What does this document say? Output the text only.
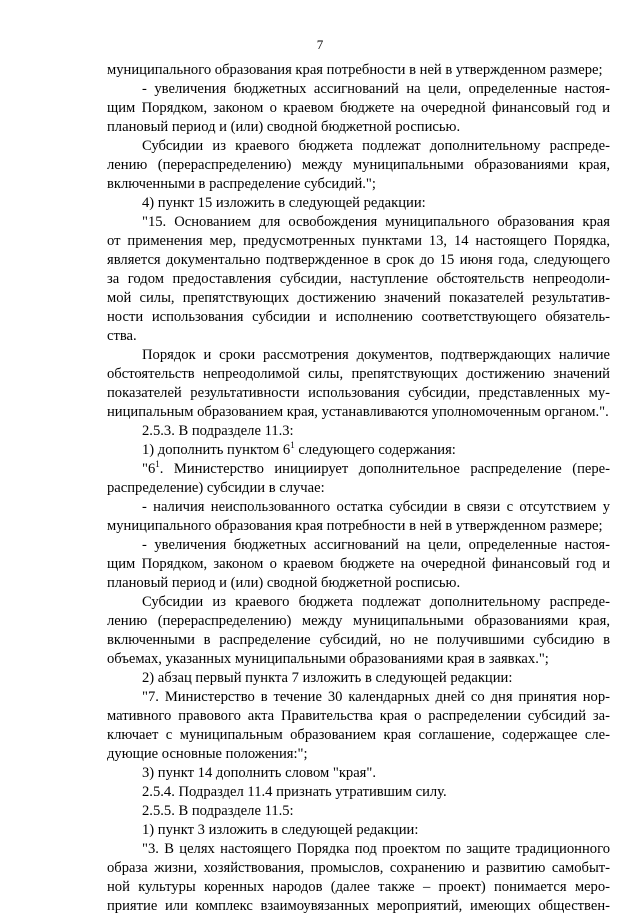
7
муниципального образования края потребности в ней в утвержденном размере;
- увеличения бюджетных ассигнований на цели, определенные настоя-
щим Порядком, законом о краевом бюджете на очередной финансовый год и
плановый период и (или) сводной бюджетной росписью.
Субсидии из краевого бюджета подлежат дополнительному распреде-
лению (перераспределению) между муниципальными образованиями края,
включенными в распределение субсидий.";
4) пункт 15 изложить в следующей редакции:
"15. Основанием для освобождения муниципального образования края
от применения мер, предусмотренных пунктами 13, 14 настоящего Порядка,
является документально подтвержденное в срок до 15 июня года, следующего
за годом предоставления субсидии, наступление обстоятельств непреодоли-
мой силы, препятствующих достижению значений показателей результатив-
ности использования субсидии и исполнению соответствующего обязатель-
ства.
Порядок и сроки рассмотрения документов, подтверждающих наличие
обстоятельств непреодолимой силы, препятствующих достижению значений
показателей результативности использования субсидии, представленных му-
ниципальным образованием края, устанавливаются уполномоченным органом.".
2.5.3. В подразделе 11.3:
1) дополнить пунктом $6^1$ следующего содержания:
"$6^1$. Министерство инициирует дополнительное распределение (пере-
распределение) субсидии в случае:
- наличия неиспользованного остатка субсидии в связи с отсутствием у
муниципального образования края потребности в ней в утвержденном размере;
- увеличения бюджетных ассигнований на цели, определенные настоя-
щим Порядком, законом о краевом бюджете на очередной финансовый год и
плановый период и (или) сводной бюджетной росписью.
Субсидии из краевого бюджета подлежат дополнительному распреде-
лению (перераспределению) между муниципальными образованиями края,
включенными в распределение субсидий, но не получившими субсидию в
объемах, указанных муниципальными образованиями края в заявках.";
2) абзац первый пункта 7 изложить в следующей редакции:
"7. Министерство в течение 30 календарных дней со дня принятия нор-
мативного правового акта Правительства края о распределении субсидий за-
ключает с муниципальным образованием края соглашение, содержащее сле-
дующие основные положения:";
3) пункт 14 дополнить словом "края".
2.5.4. Подраздел 11.4 признать утратившим силу.
2.5.5. В подразделе 11.5:
1) пункт 3 изложить в следующей редакции:
"3. В целях настоящего Порядка под проектом по защите традиционного
образа жизни, хозяйствования, промыслов, сохранению и развитию самобыт-
ной культуры коренных народов (далее также – проект) понимается меро-
приятие или комплекс взаимоувязанных мероприятий, имеющих обществен-
